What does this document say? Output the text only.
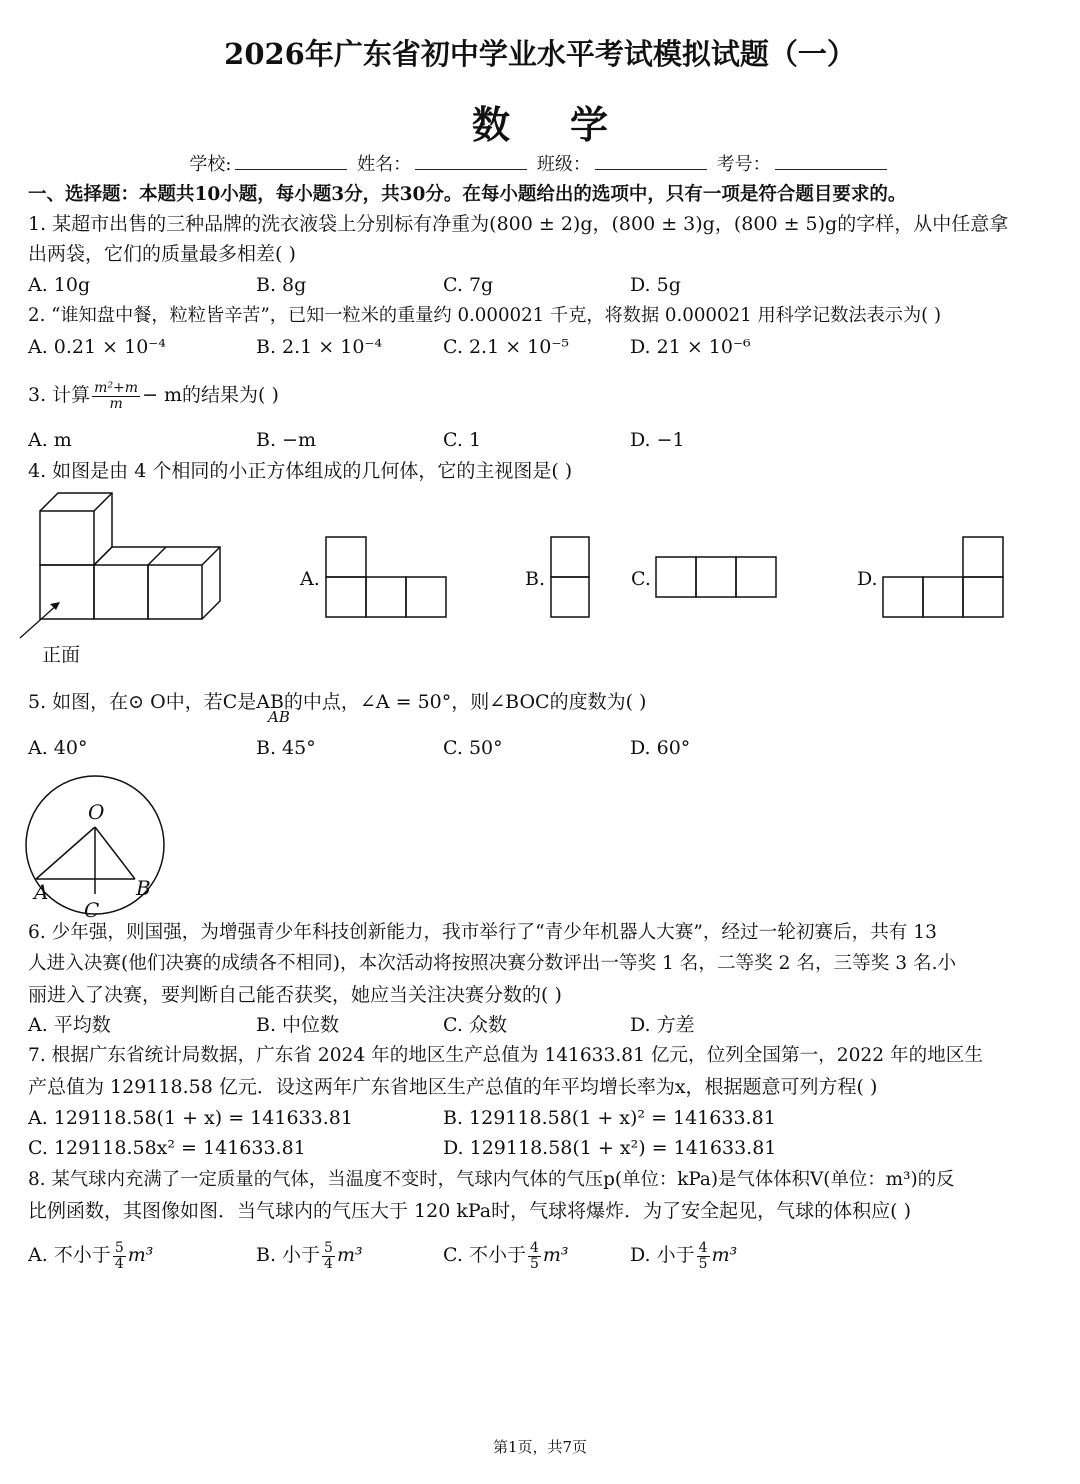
2026年广东省初中学业水平考试模拟试题（一）
数学
学校:	姓名：	班级：	考号：
一、选择题：本题共10小题，每小题3分，共30分。在每小题给出的选项中，只有一项是符合题目要求的。
1. 某超市出售的三种品牌的洗衣液袋上分别标有净重为(800 ± 2)g，(800 ± 3)g，(800 ± 5)g的字样，从中任意拿
出两袋，它们的质量最多相差( )
A. 10g	B. 8g	C. 7g	D. 5g
2. “谁知盘中餐，粒粒皆辛苦”，已知一粒米的重量约 0.000021 千克，将数据 0.000021 用科学记数法表示为( )
A. 0.21 × 10⁻⁴	B. 2.1 × 10⁻⁴	C. 2.1 × 10⁻⁵	D. 21 × 10⁻⁶
3. 计算 $\frac{\text{m²+m}}{m} - m$的结果为( )
A. m	B. −m	C. 1	D. −1
4. 如图是由 4 个相同的小正方体组成的几何体，它的主视图是( )
正面
A.	B.	C.	D.
5. 如图，在⊙ O中，若C是AB的中点，∠A = 50°，则∠BOC的度数为( )
AB
A. 40°	B. 45°	C. 50°	D. 60°
O
A	B
C
6. 少年强，则国强，为增强青少年科技创新能力，我市举行了“青少年机器人大赛”，经过一轮初赛后，共有 13
人进入决赛(他们决赛的成绩各不相同)，本次活动将按照决赛分数评出一等奖 1 名，二等奖 2 名，三等奖 3 名.小
丽进入了决赛，要判断自己能否获奖，她应当关注决赛分数的( )
A. 平均数	B. 中位数	C. 众数	D. 方差
7. 根据广东省统计局数据，广东省 2024 年的地区生产总值为 141633.81 亿元，位列全国第一，2022 年的地区生
产总值为 129118.58 亿元．设这两年广东省地区生产总值的年平均增长率为x，根据题意可列方程( )
A. 129118.58(1 + x) = 141633.81	B. 129118.58(1 + x)² = 141633.81
C. 129118.58x² = 141633.81	D. 129118.58(1 + x²) = 141633.81
8. 某气球内充满了一定质量的气体，当温度不变时，气球内气体的气压p(单位：kPa)是气体体积V(单位：m³)的反
比例函数，其图像如图．当气球内的气压大于 120 kPa时，气球将爆炸．为了安全起见，气球的体积应( )
A. 不小于 $\frac{5}{4} m^3$	B. 小于 $\frac{5}{4} m^3$	C. 不小于 $\frac{4}{5} m^3$	D. 小于 $\frac{4}{5} m^3$
第1页，共7页
